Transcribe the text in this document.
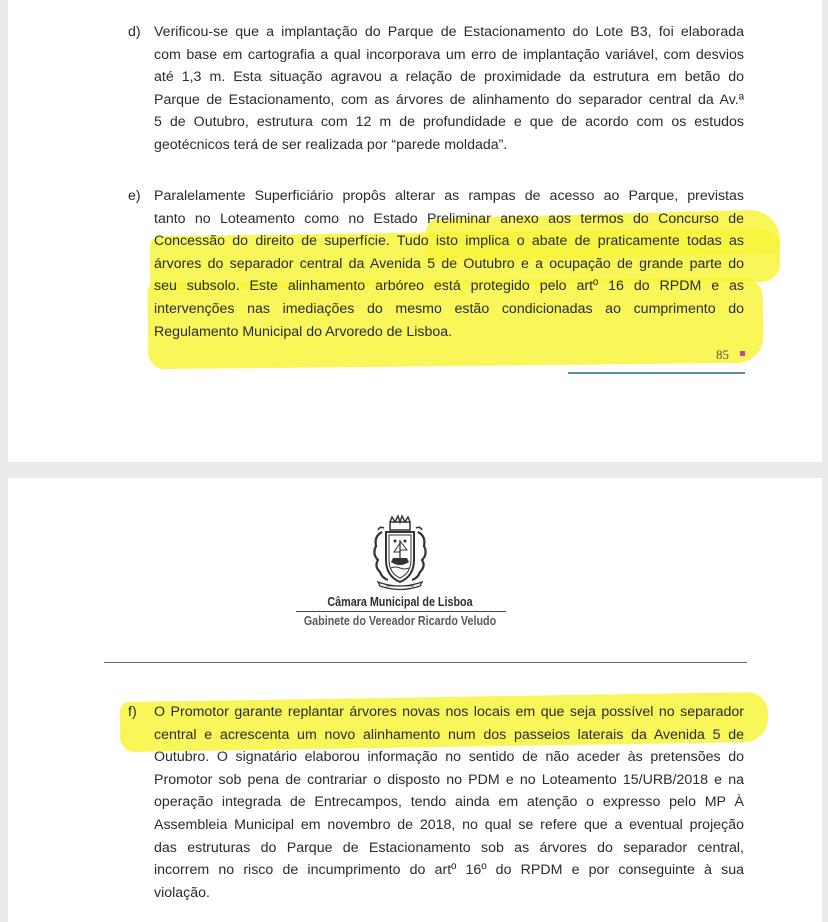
d) Verificou-se que a implantação do Parque de Estacionamento do Lote B3, foi elaborada
com base em cartografia a qual incorporava um erro de implantação variável, com desvios
até 1,3 m. Esta situação agravou a relação de proximidade da estrutura em betão do
Parque de Estacionamento, com as árvores de alinhamento do separador central da Av.ª
5 de Outubro, estrutura com 12 m de profundidade e que de acordo com os estudos
geotécnicos terá de ser realizada por “parede moldada”.
e) Paralelamente Superficiário propôs alterar as rampas de acesso ao Parque, previstas
tanto no Loteamento como no Estado Preliminar anexo aos termos do Concurso de
Concessão do direito de superfície. Tudo isto implica o abate de praticamente todas as
árvores do separador central da Avenida 5 de Outubro e a ocupação de grande parte do
seu subsolo. Este alinhamento arbóreo está protegido pelo artº 16 do RPDM e as
intervenções nas imediações do mesmo estão condicionadas ao cumprimento do
Regulamento Municipal do Arvoredo de Lisboa.
85
Câmara Municipal de Lisboa
Gabinete do Vereador Ricardo Veludo
f) O Promotor garante replantar árvores novas nos locais em que seja possível no separador
central e acrescenta um novo alinhamento num dos passeios laterais da Avenida 5 de
Outubro. O signatário elaborou informação no sentido de não aceder às pretensões do
Promotor sob pena de contrariar o disposto no PDM e no Loteamento 15/URB/2018 e na
operação integrada de Entrecampos, tendo ainda em atenção o expresso pelo MP À
Assembleia Municipal em novembro de 2018, no qual se refere que a eventual projeção
das estruturas do Parque de Estacionamento sob as árvores do separador central,
incorrem no risco de incumprimento do artº 16º do RPDM e por conseguinte à sua
violação.
